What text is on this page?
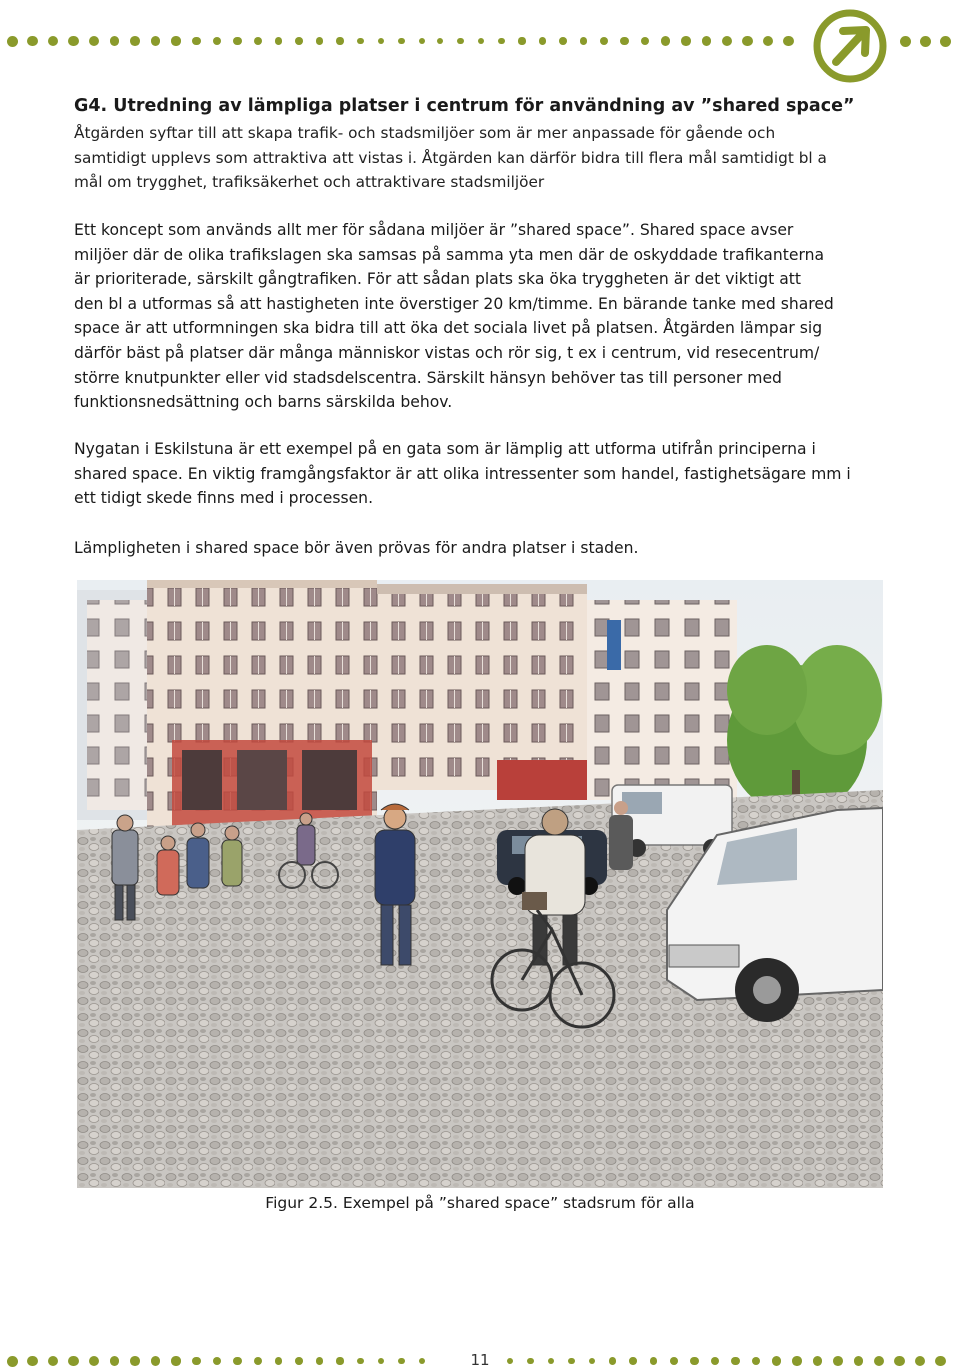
G4. Utredning av lämpliga platser i centrum för användning av ”shared space”
Åtgärden syftar till att skapa trafik- och stadsmiljöer som är mer anpassade för gående och
samtidigt upplevs som attraktiva att vistas i. Åtgärden kan därför bidra till flera mål samtidigt bl a
mål om trygghet, trafiksäkerhet och attraktivare stadsmiljöer
Ett koncept som används allt mer för sådana miljöer är ”shared space”. Shared space avser
miljöer där de olika trafikslagen ska samsas på samma yta men där de oskyddade trafikanterna
är prioriterade, särskilt gångtrafiken. För att sådan plats ska öka tryggheten är det viktigt att
den bl a utformas så att hastigheten inte överstiger 20 km/timme. En bärande tanke med shared
space är att utformningen ska bidra till att öka det sociala livet på platsen. Åtgärden lämpar sig
därför bäst på platser där många människor vistas och rör sig, t ex i centrum, vid resecentrum/
större knutpunkter eller vid stadsdelscentra. Särskilt hänsyn behöver tas till personer med
funktionsnedsättning och barns särskilda behov.
Nygatan i Eskilstuna är ett exempel på en gata som är lämplig att utforma utifrån principerna i
shared space. En viktig framgångsfaktor är att olika intressenter som handel, fastighetsägare mm i
ett tidigt skede finns med i processen.
Lämpligheten i shared space bör även prövas för andra platser i staden.
Figur 2.5. Exempel på ”shared space” stadsrum för alla
11
